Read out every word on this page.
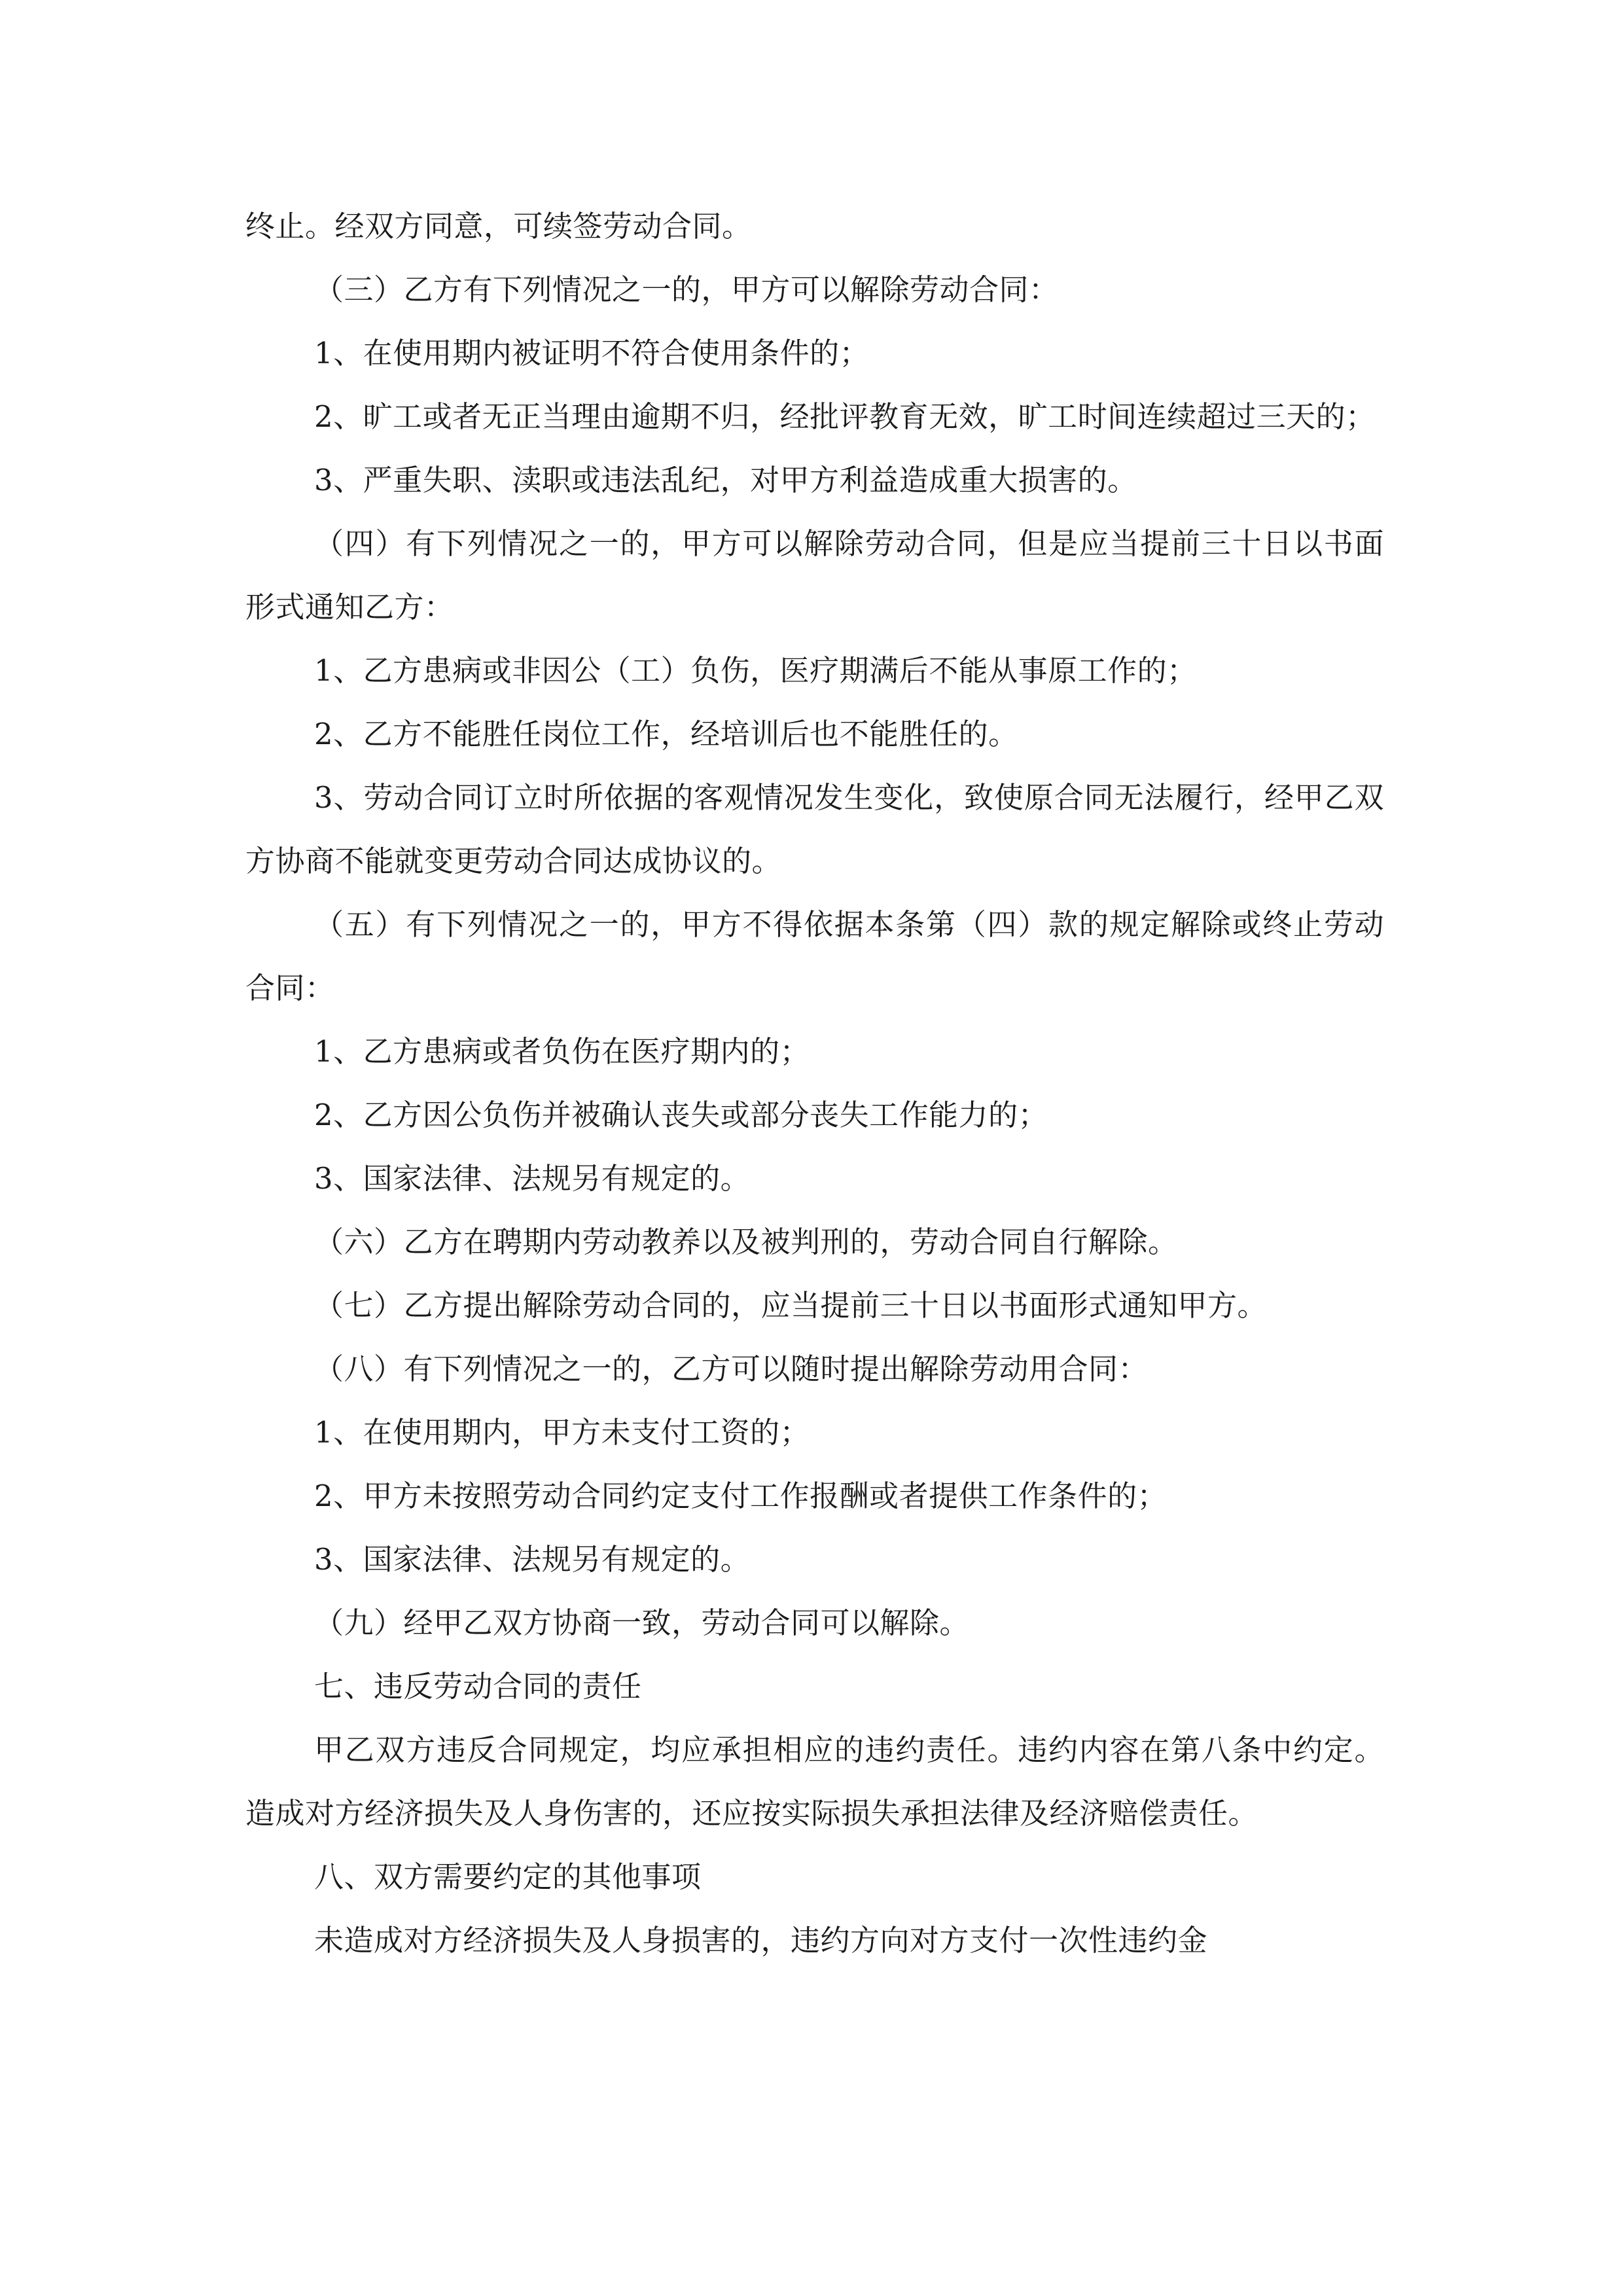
终止。经双方同意，可续签劳动合同。

（三）乙方有下列情况之一的，甲方可以解除劳动合同：

1、在使用期内被证明不符合使用条件的；

2、旷工或者无正当理由逾期不归，经批评教育无效，旷工时间连续超过三天的；

3、严重失职、渎职或违法乱纪，对甲方利益造成重大损害的。

（四）有下列情况之一的，甲方可以解除劳动合同，但是应当提前三十日以书面形式通知乙方：

1、乙方患病或非因公（工）负伤，医疗期满后不能从事原工作的；

2、乙方不能胜任岗位工作，经培训后也不能胜任的。

3、劳动合同订立时所依据的客观情况发生变化，致使原合同无法履行，经甲乙双方协商不能就变更劳动合同达成协议的。

（五）有下列情况之一的，甲方不得依据本条第（四）款的规定解除或终止劳动合同：

1、乙方患病或者负伤在医疗期内的；

2、乙方因公负伤并被确认丧失或部分丧失工作能力的；

3、国家法律、法规另有规定的。

（六）乙方在聘期内劳动教养以及被判刑的，劳动合同自行解除。

（七）乙方提出解除劳动合同的，应当提前三十日以书面形式通知甲方。

（八）有下列情况之一的，乙方可以随时提出解除劳动用合同：

1、在使用期内，甲方未支付工资的；

2、甲方未按照劳动合同约定支付工作报酬或者提供工作条件的；

3、国家法律、法规另有规定的。

（九）经甲乙双方协商一致，劳动合同可以解除。

七、违反劳动合同的责任

甲乙双方违反合同规定，均应承担相应的违约责任。违约内容在第八条中约定。造成对方经济损失及人身伤害的，还应按实际损失承担法律及经济赔偿责任。

八、双方需要约定的其他事项

未造成对方经济损失及人身损害的，违约方向对方支付一次性违约金
